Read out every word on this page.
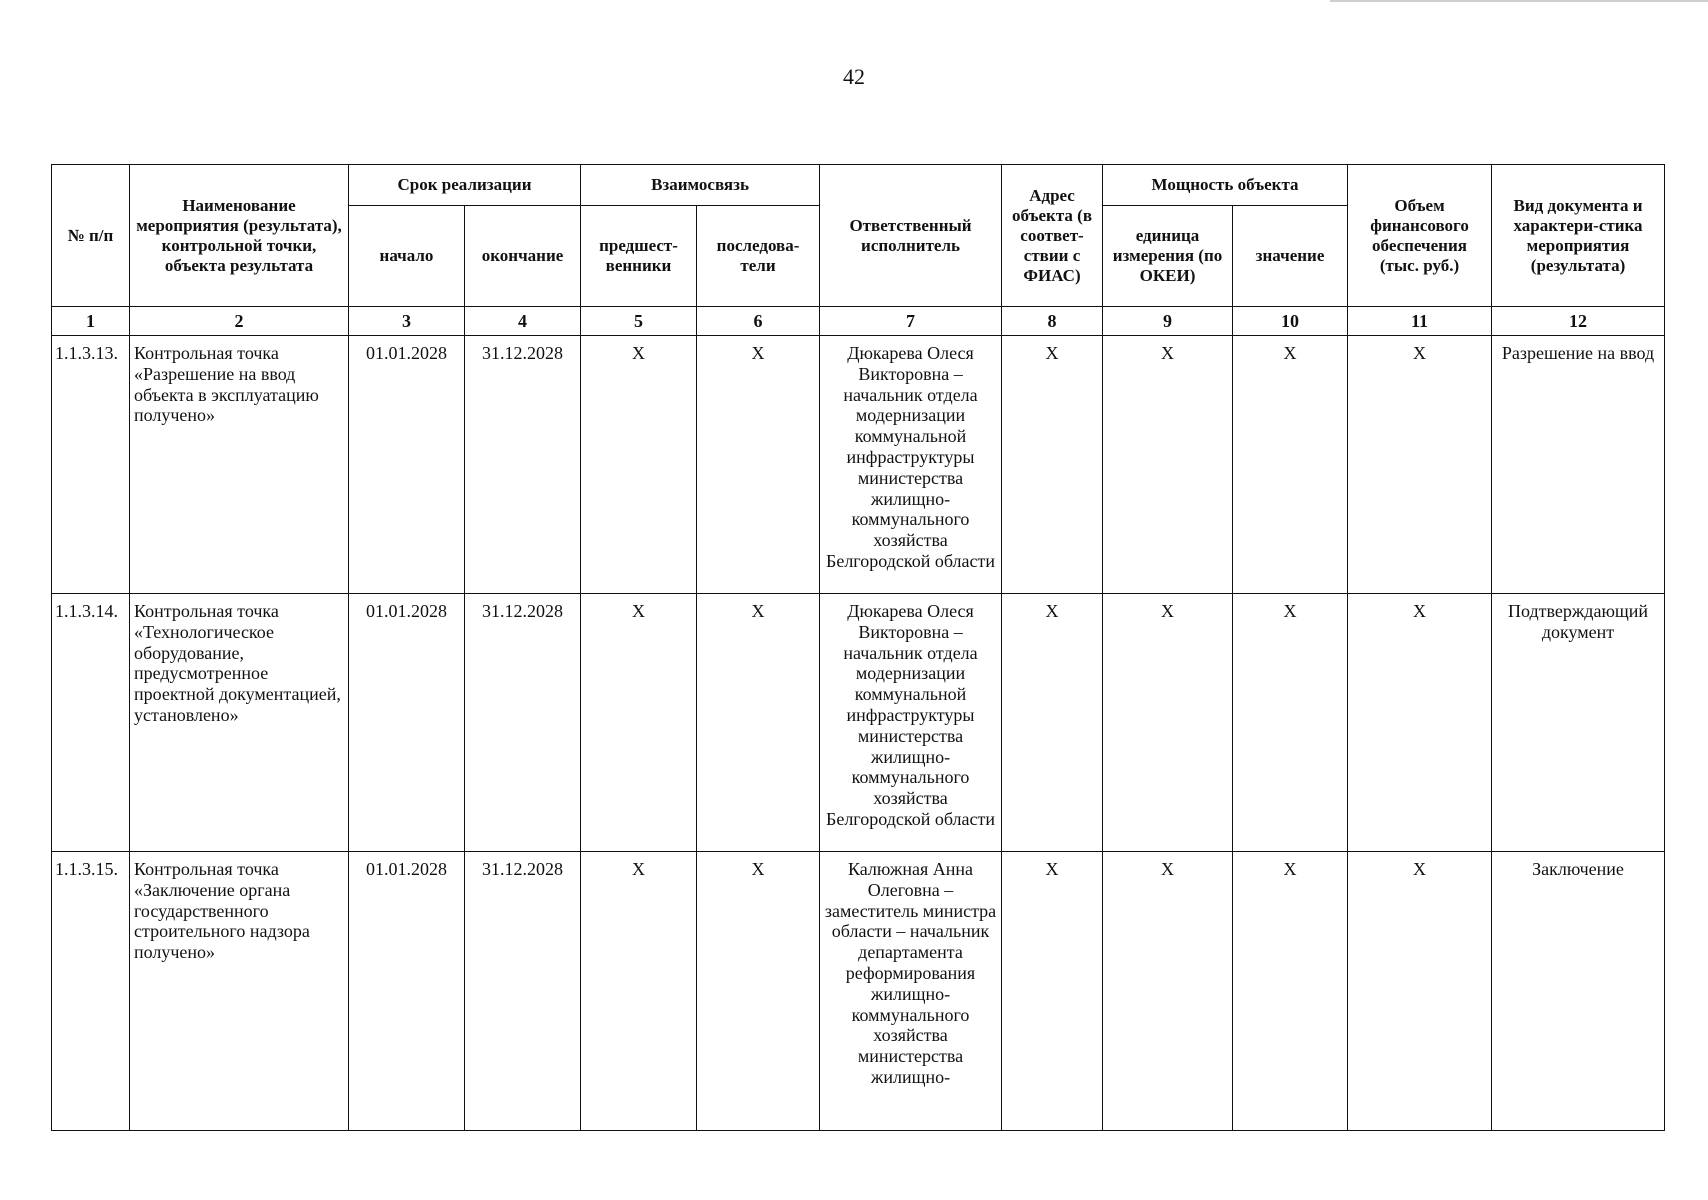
42
№ п/п	Наименование мероприятия (результата), контрольной точки, объекта результата	Срок реализации		Взаимосвязь		Ответственный исполнитель	Адрес объекта (в соответ-ствии с ФИАС)	Мощность объекта		Объем финансового обеспечения (тыс. руб.)	Вид документа и характери-стика мероприятия (результата)
		начало	окончание	предшест-венники	последова-тели			единица измерения (по ОКЕИ)	значение		
1	2	3	4	5	6	7	8	9	10	11	12
1.1.3.13.	Контрольная точка «Разрешение на ввод объекта в эксплуатацию получено»	01.01.2028	31.12.2028	X	X	Дюкарева Олеся Викторовна – начальник отдела модернизации коммунальной инфраструктуры министерства жилищно-коммунального хозяйства Белгородской области	X	X	X	X	Разрешение на ввод
1.1.3.14.	Контрольная точка «Технологическое оборудование, предусмотренное проектной документацией, установлено»	01.01.2028	31.12.2028	X	X	Дюкарева Олеся Викторовна – начальник отдела модернизации коммунальной инфраструктуры министерства жилищно-коммунального хозяйства Белгородской области	X	X	X	X	Подтверждающий документ
1.1.3.15.	Контрольная точка «Заключение органа государственного строительного надзора получено»	01.01.2028	31.12.2028	X	X	Калюжная Анна Олеговна – заместитель министра области – начальник департамента реформирования жилищно-коммунального хозяйства министерства жилищно-	X	X	X	X	Заключение
